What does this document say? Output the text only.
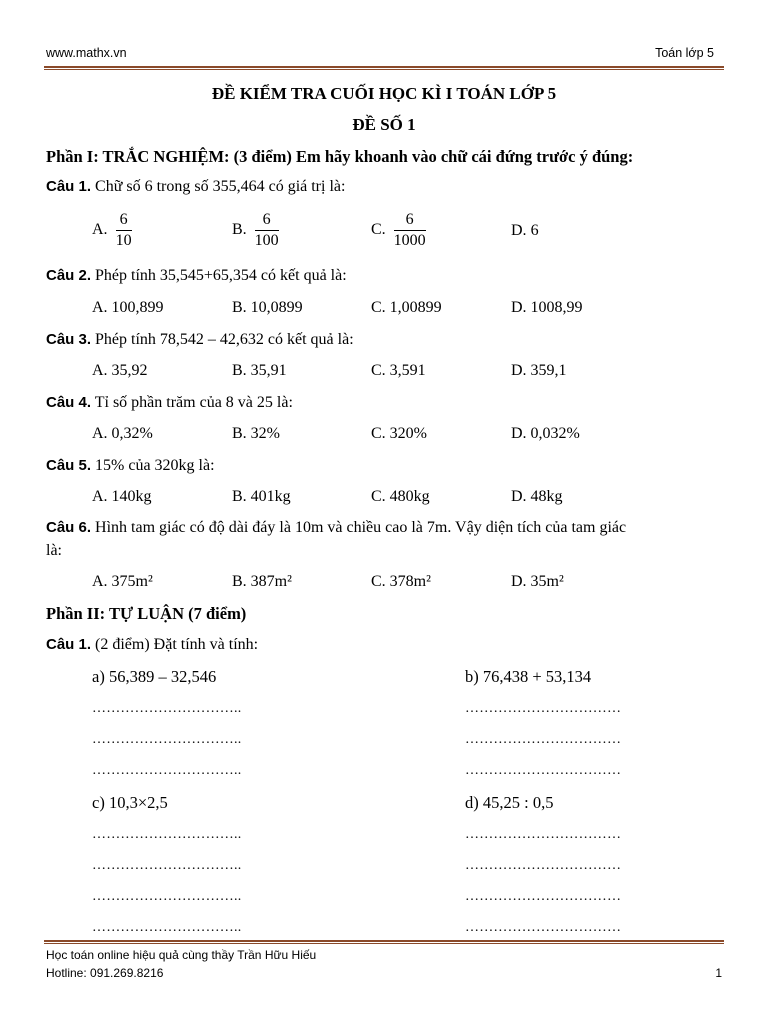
www.mathx.vn	Toán lớp 5
ĐỀ KIỂM TRA CUỐI HỌC KÌ I TOÁN LỚP 5
ĐỀ SỐ 1
Phần I: TRẮC NGHIỆM: (3 điểm) Em hãy khoanh vào chữ cái đứng trước ý đúng:
Câu 1. Chữ số 6 trong số 355,464 có giá trị là:
A. $\frac{6}{10}$	B. $\frac{6}{100}$	C. $\frac{6}{1000}$	D. 6
Câu 2. Phép tính 35,545+65,354 có kết quả là:
A. 100,899	B. 10,0899	C. 1,00899	D. 1008,99
Câu 3. Phép tính 78,542 – 42,632 có kết quả là:
A. 35,92	B. 35,91	C. 3,591	D. 359,1
Câu 4. Tỉ số phần trăm của 8 và 25 là:
A. 0,32%	B. 32%	C. 320%	D. 0,032%
Câu 5. 15% của 320kg là:
A. 140kg	B. 401kg	C. 480kg	D. 48kg
Câu 6. Hình tam giác có độ dài đáy là 10m và chiều cao là 7m. Vậy diện tích của tam giác
là:
A. 375m²	B. 387m²	C. 378m²	D. 35m²
Phần II: TỰ LUẬN (7 điểm)
Câu 1. (2 điểm) Đặt tính và tính:
a) 56,389 – 32,546	b) 76,438 + 53,134
…………………………..	……………………………
…………………………..	……………………………
…………………………..	……………………………
c) 10,3×2,5	d) 45,25 : 0,5
…………………………..	……………………………
…………………………..	……………………………
…………………………..	……………………………
…………………………..	……………………………
Học toán online hiệu quả cùng thầy Trần Hữu Hiếu
Hotline: 091.269.8216	1
